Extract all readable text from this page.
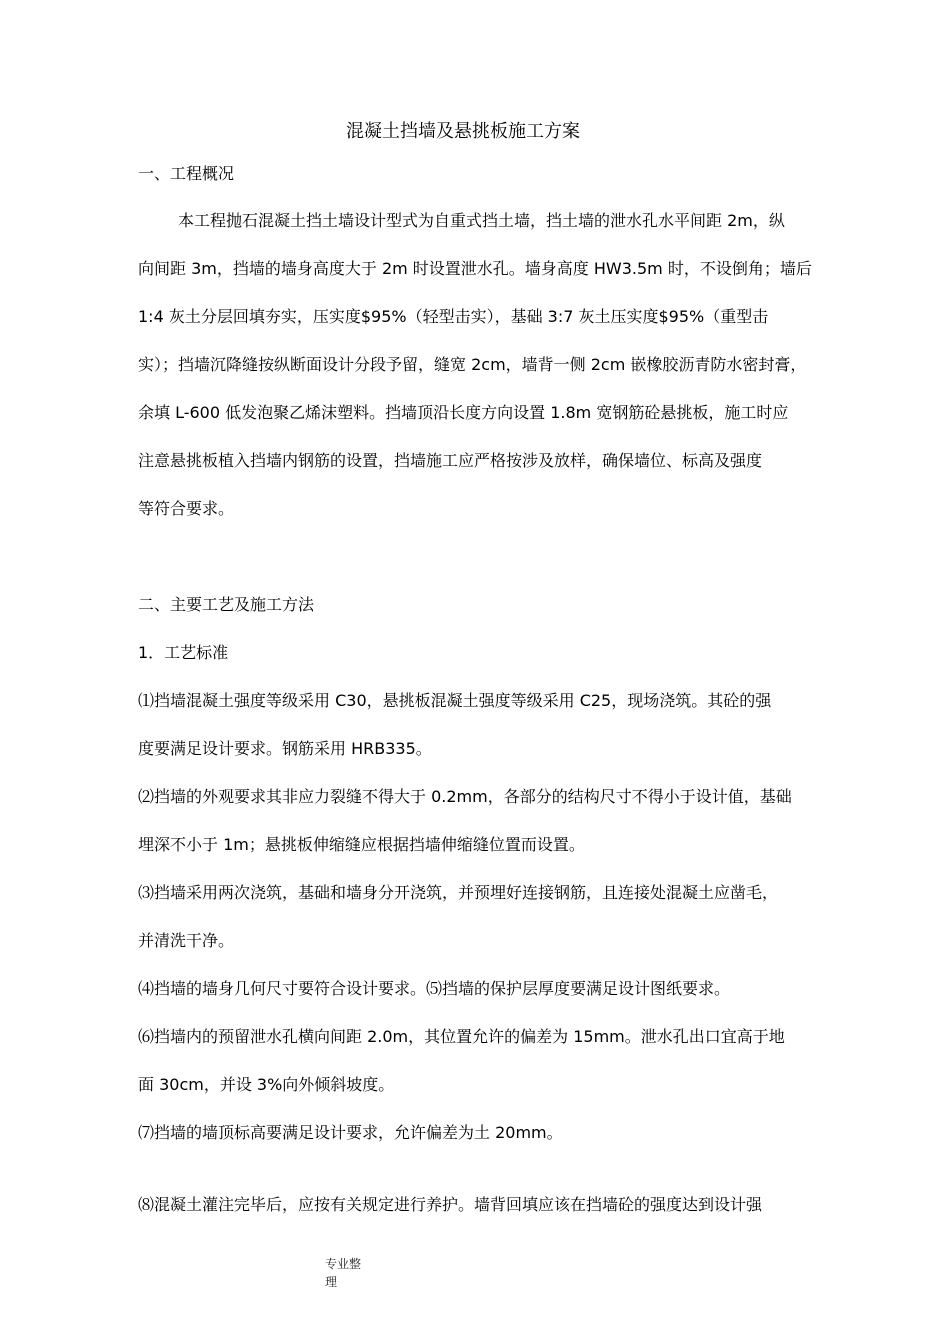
混凝土挡墙及悬挑板施工方案
一、工程概况
本工程抛石混凝土挡土墙设计型式为自重式挡土墙，挡土墙的泄水孔水平间距 2m，纵
向间距 3m，挡墙的墙身高度大于 2m 时设置泄水孔。墙身高度 HW3.5m 时，不设倒角；墙后
1:4 灰土分层回填夯实，压实度$95%（轻型击实），基础 3:7 灰土压实度$95%（重型击
实）；挡墙沉降缝按纵断面设计分段予留，缝宽 2cm，墙背一侧 2cm 嵌橡胶沥青防水密封膏，
余填 L-600 低发泡聚乙烯沫塑料。挡墙顶沿长度方向设置 1.8m 宽钢筋砼悬挑板，施工时应
注意悬挑板植入挡墙内钢筋的设置，挡墙施工应严格按涉及放样，确保墙位、标高及强度
等符合要求。
二、主要工艺及施工方法
1．工艺标准
⑴挡墙混凝土强度等级采用 C30，悬挑板混凝土强度等级采用 C25，现场浇筑。其砼的强
度要满足设计要求。钢筋采用 HRB335。
⑵挡墙的外观要求其非应力裂缝不得大于 0.2mm，各部分的结构尺寸不得小于设计值，基础
埋深不小于 1m；悬挑板伸缩缝应根据挡墙伸缩缝位置而设置。
⑶挡墙采用两次浇筑，基础和墙身分开浇筑，并预埋好连接钢筋，且连接处混凝土应凿毛，
并清洗干净。
⑷挡墙的墙身几何尺寸要符合设计要求。⑸挡墙的保护层厚度要满足设计图纸要求。
⑹挡墙内的预留泄水孔横向间距 2.0m，其位置允许的偏差为 15mm。泄水孔出口宜高于地
面 30cm，并设 3%向外倾斜坡度。
⑺挡墙的墙顶标高要满足设计要求，允许偏差为土 20mm。
⑻混凝土灌注完毕后，应按有关规定进行养护。墙背回填应该在挡墙砼的强度达到设计强
专业整
理
